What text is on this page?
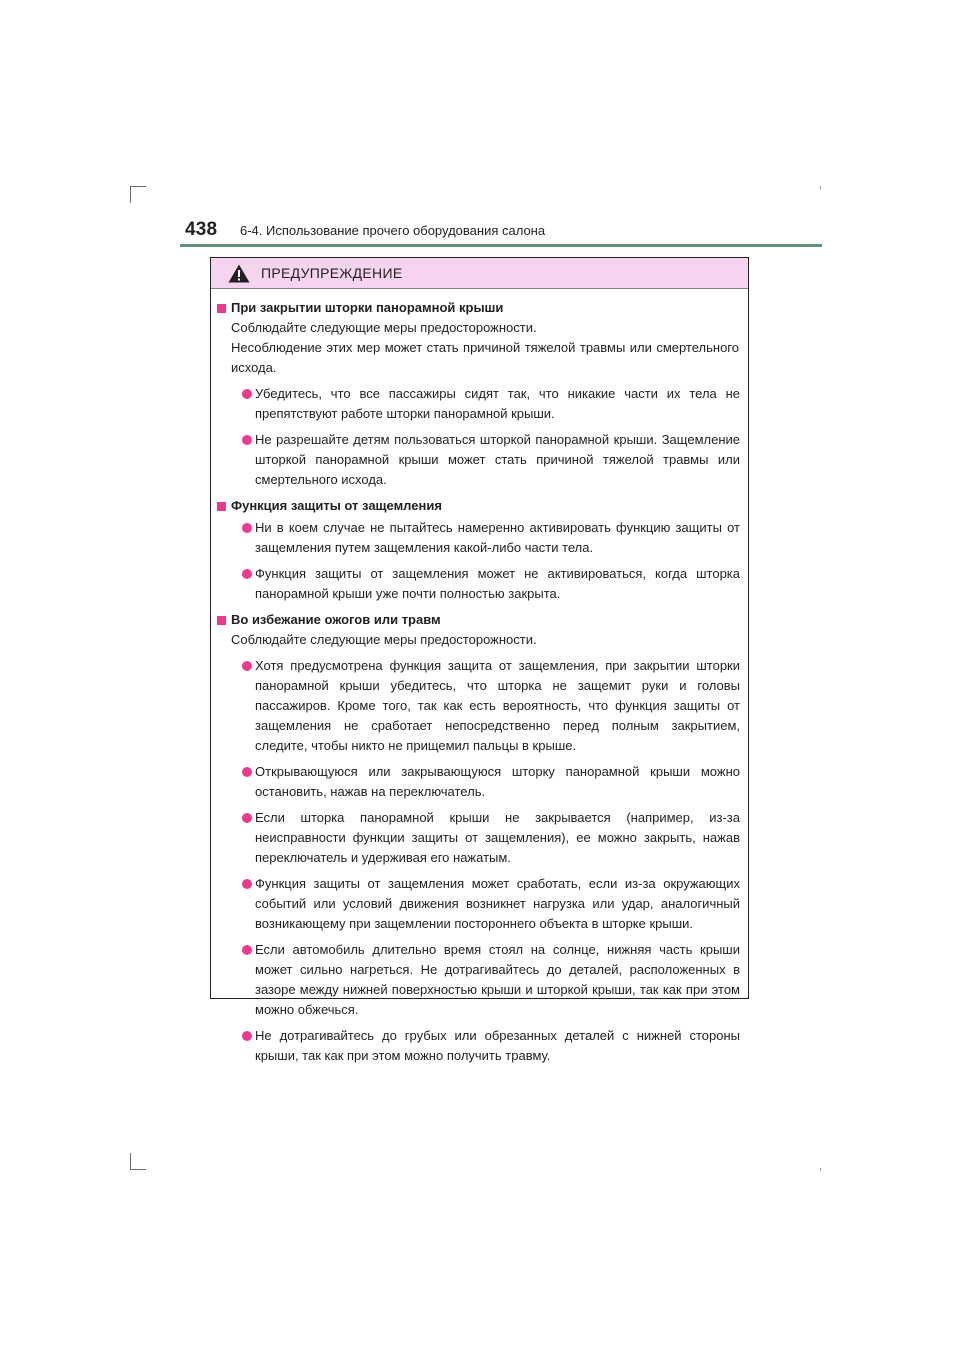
438 6-4. Использование прочего оборудования салона
ПРЕДУПРЕЖДЕНИЕ
При закрытии шторки панорамной крыши
Соблюдайте следующие меры предосторожности.
Несоблюдение этих мер может стать причиной тяжелой травмы или смертельного исхода.
Убедитесь, что все пассажиры сидят так, что никакие части их тела не препятствуют работе шторки панорамной крыши.
Не разрешайте детям пользоваться шторкой панорамной крыши. Защемление шторкой панорамной крыши может стать причиной тяжелой травмы или смертельного исхода.
Функция защиты от защемления
Ни в коем случае не пытайтесь намеренно активировать функцию защиты от защемления путем защемления какой-либо части тела.
Функция защиты от защемления может не активироваться, когда шторка панорамной крыши уже почти полностью закрыта.
Во избежание ожогов или травм
Соблюдайте следующие меры предосторожности.
Хотя предусмотрена функция защита от защемления, при закрытии шторки панорамной крыши убедитесь, что шторка не защемит руки и головы пассажиров. Кроме того, так как есть вероятность, что функция защиты от защемления не сработает непосредственно перед полным закрытием, следите, чтобы никто не прищемил пальцы в крыше.
Открывающуюся или закрывающуюся шторку панорамной крыши можно остановить, нажав на переключатель.
Если шторка панорамной крыши не закрывается (например, из-за неисправности функции защиты от защемления), ее можно закрыть, нажав переключатель и удерживая его нажатым.
Функция защиты от защемления может сработать, если из-за окружающих событий или условий движения возникнет нагрузка или удар, аналогичный возникающему при защемлении постороннего объекта в шторке крыши.
Если автомобиль длительно время стоял на солнце, нижняя часть крыши может сильно нагреться. Не дотрагивайтесь до деталей, расположенных в зазоре между нижней поверхностью крыши и шторкой крыши, так как при этом можно обжечься.
Не дотрагивайтесь до грубых или обрезанных деталей с нижней стороны крыши, так как при этом можно получить травму.
